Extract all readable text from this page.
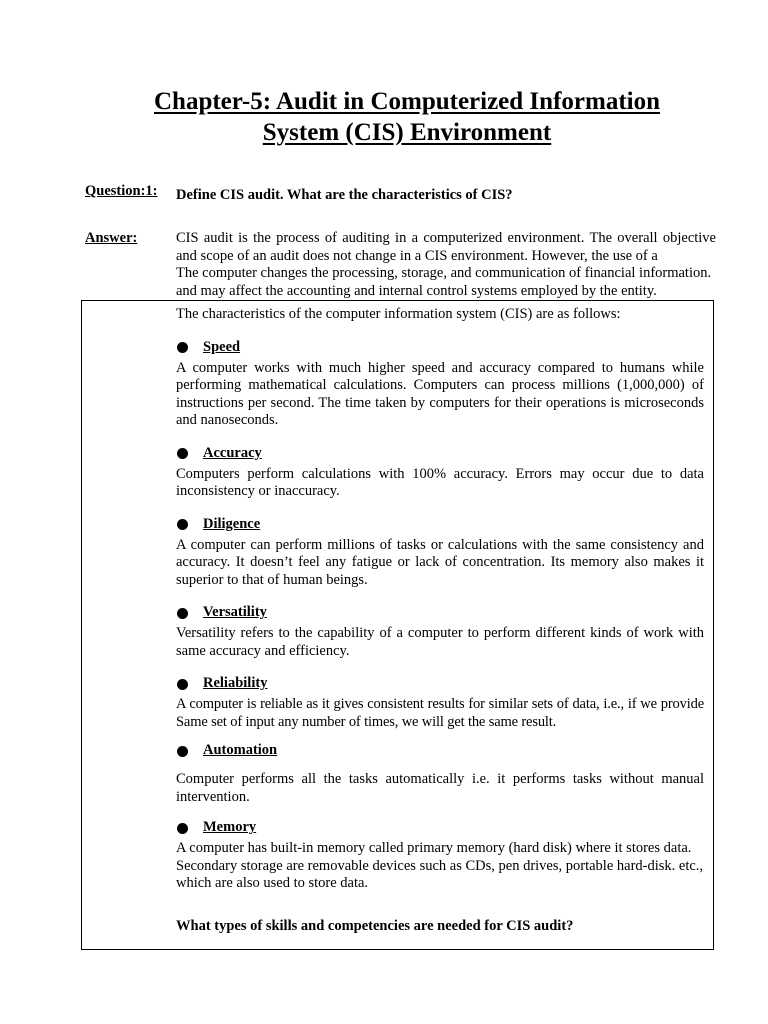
Chapter-5: Audit in Computerized Information
System (CIS) Environment
Question:1: Define CIS audit. What are the characteristics of CIS?
Answer:	CIS audit is the process of auditing in a computerized environment. The overall objective and scope of an audit does not change in a CIS environment. However, the use of a

The computer changes the processing, storage, and communication of financial information.

and may affect the accounting and internal control systems employed by the entity.

The characteristics of the computer information system (CIS) are as follows:

Speed

A computer works with much higher speed and accuracy compared to humans while performing mathematical calculations. Computers can process millions (1,000,000) of instructions per second. The time taken by computers for their operations is microseconds and nanoseconds.

Accuracy

Computers perform calculations with 100% accuracy. Errors may occur due to data inconsistency or inaccuracy.

Diligence

A computer can perform millions of tasks or calculations with the same consistency and accuracy. It doesn’t feel any fatigue or lack of concentration. Its memory also makes it superior to that of human beings.

Versatility

Versatility refers to the capability of a computer to perform different kinds of work with same accuracy and efficiency.

Reliability

A computer is reliable as it gives consistent results for similar sets of data, i.e., if we provide Same set of input any number of times, we will get the same result.

Automation

Computer performs all the tasks automatically i.e. it performs tasks without manual intervention.

Memory

A computer has built-in memory called primary memory (hard disk) where it stores data. Secondary storage are removable devices such as CDs, pen drives, portable hard-disk. etc., which are also used to store data.

What types of skills and competencies are needed for CIS audit?
